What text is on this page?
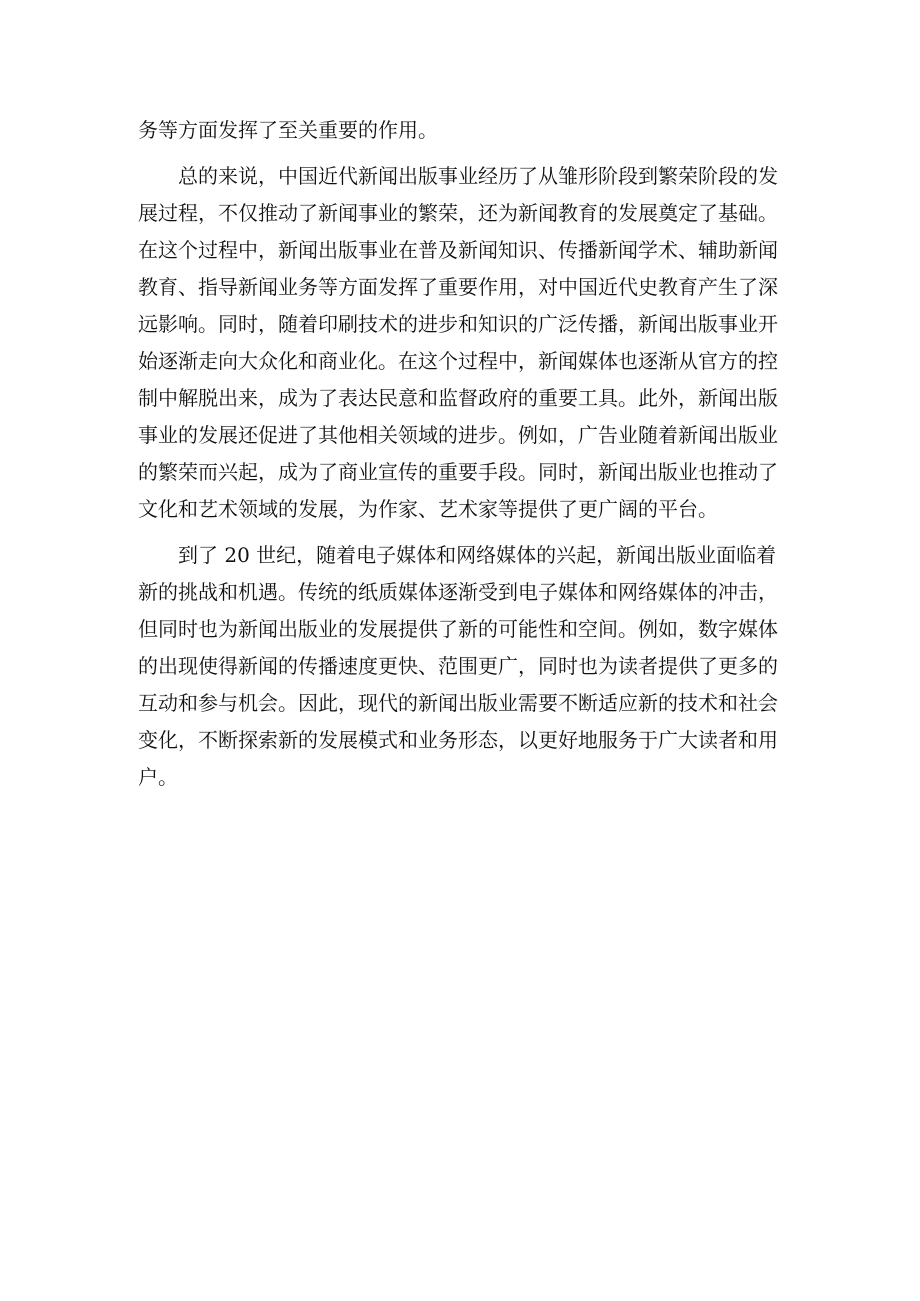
务等方面发挥了至关重要的作用。
　　总的来说，中国近代新闻出版事业经历了从雏形阶段到繁荣阶段的发
展过程，不仅推动了新闻事业的繁荣，还为新闻教育的发展奠定了基础。
在这个过程中，新闻出版事业在普及新闻知识、传播新闻学术、辅助新闻
教育、指导新闻业务等方面发挥了重要作用，对中国近代史教育产生了深
远影响。同时，随着印刷技术的进步和知识的广泛传播，新闻出版事业开
始逐渐走向大众化和商业化。在这个过程中，新闻媒体也逐渐从官方的控
制中解脱出来，成为了表达民意和监督政府的重要工具。此外，新闻出版
事业的发展还促进了其他相关领域的进步。例如，广告业随着新闻出版业
的繁荣而兴起，成为了商业宣传的重要手段。同时，新闻出版业也推动了
文化和艺术领域的发展，为作家、艺术家等提供了更广阔的平台。
　　到了 20 世纪，随着电子媒体和网络媒体的兴起，新闻出版业面临着
新的挑战和机遇。传统的纸质媒体逐渐受到电子媒体和网络媒体的冲击，
但同时也为新闻出版业的发展提供了新的可能性和空间。例如，数字媒体
的出现使得新闻的传播速度更快、范围更广，同时也为读者提供了更多的
互动和参与机会。因此，现代的新闻出版业需要不断适应新的技术和社会
变化，不断探索新的发展模式和业务形态，以更好地服务于广大读者和用
户。
